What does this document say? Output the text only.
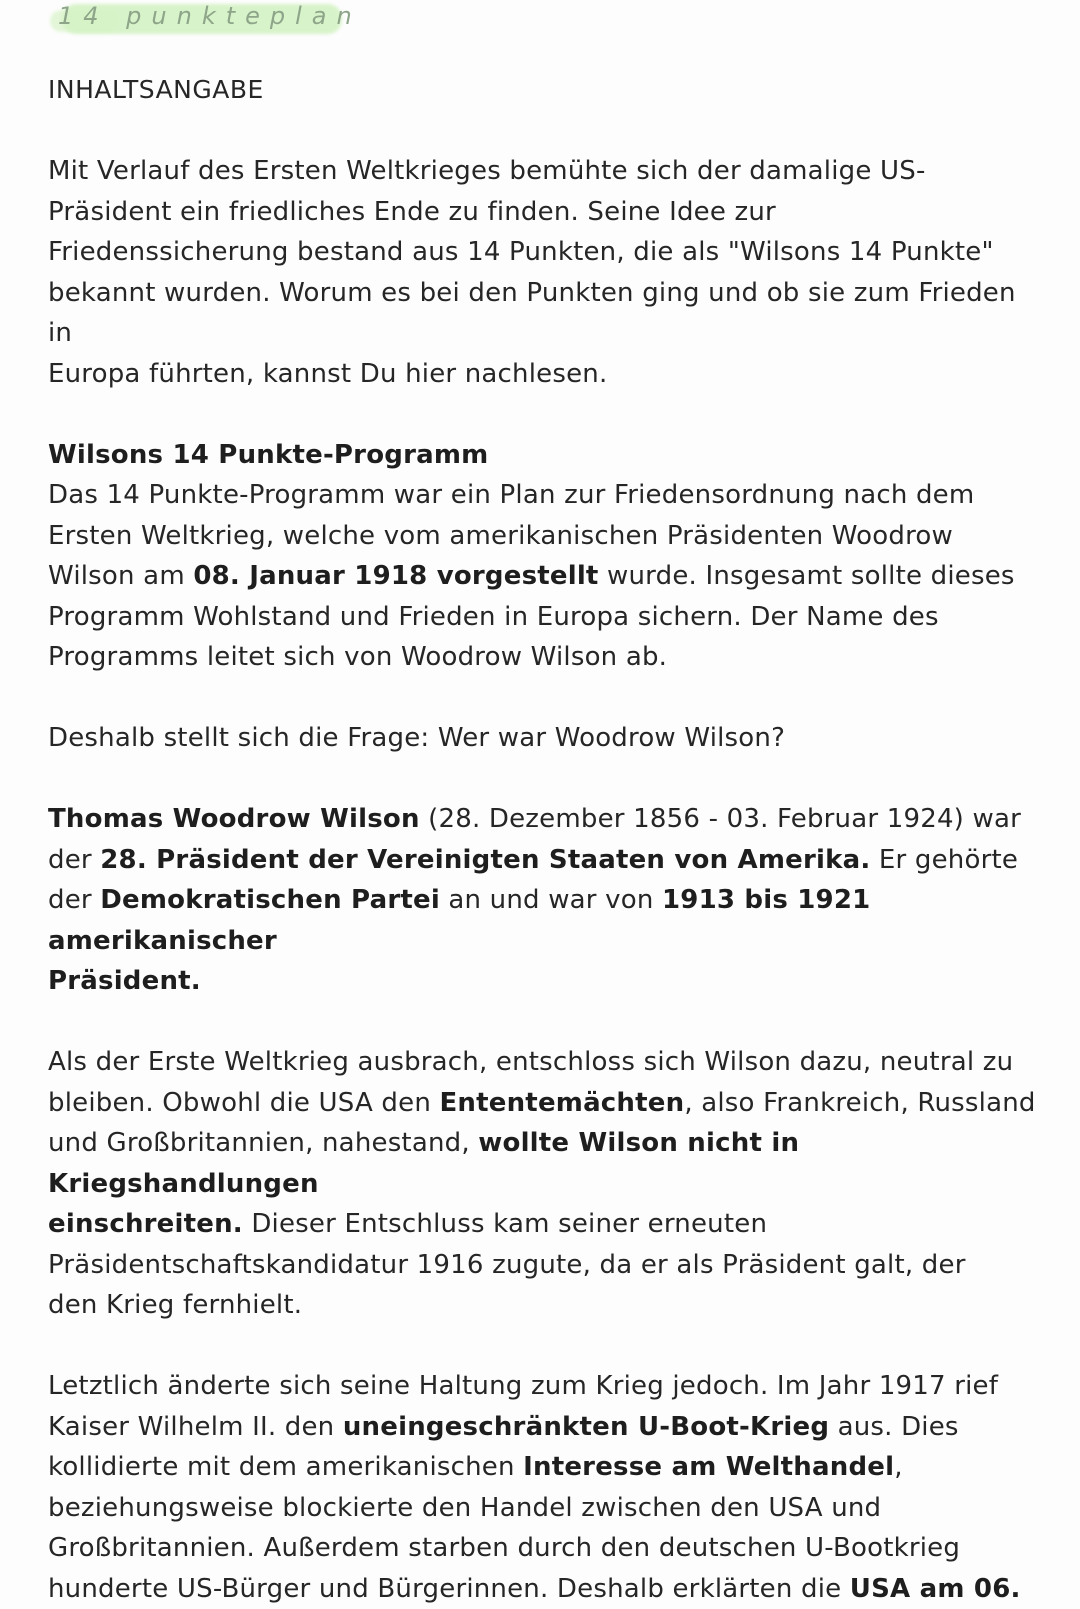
14 punkteplan

INHALTSANGABE

Mit Verlauf des Ersten Weltkrieges bemühte sich der damalige US-

Präsident ein friedliches Ende zu finden. Seine Idee zur

Friedenssicherung bestand aus 14 Punkten, die als "Wilsons 14 Punkte"

bekannt wurden. Worum es bei den Punkten ging und ob sie zum Frieden in

Europa führten, kannst Du hier nachlesen.

Wilsons 14 Punkte-Programm

Das 14 Punkte-Programm war ein Plan zur Friedensordnung nach dem

Ersten Weltkrieg, welche vom amerikanischen Präsidenten Woodrow

Wilson am 08. Januar 1918 vorgestellt wurde. Insgesamt sollte dieses

Programm Wohlstand und Frieden in Europa sichern. Der Name des

Programms leitet sich von Woodrow Wilson ab.

Deshalb stellt sich die Frage: Wer war Woodrow Wilson?

Thomas Woodrow Wilson (28. Dezember 1856 - 03. Februar 1924) war

der 28. Präsident der Vereinigten Staaten von Amerika. Er gehörte

der Demokratischen Partei an und war von 1913 bis 1921 amerikanischer

Präsident.

Als der Erste Weltkrieg ausbrach, entschloss sich Wilson dazu, neutral zu

bleiben. Obwohl die USA den Ententemächten, also Frankreich, Russland

und Großbritannien, nahestand, wollte Wilson nicht in Kriegshandlungen

einschreiten. Dieser Entschluss kam seiner erneuten

Präsidentschaftskandidatur 1916 zugute, da er als Präsident galt, der

den Krieg fernhielt.

Letztlich änderte sich seine Haltung zum Krieg jedoch. Im Jahr 1917 rief

Kaiser Wilhelm II. den uneingeschränkten U-Boot-Krieg aus. Dies

kollidierte mit dem amerikanischen Interesse am Welthandel,

beziehungsweise blockierte den Handel zwischen den USA und

Großbritannien. Außerdem starben durch den deutschen U-Bootkrieg

hunderte US-Bürger und Bürgerinnen. Deshalb erklärten die USA am 06.
